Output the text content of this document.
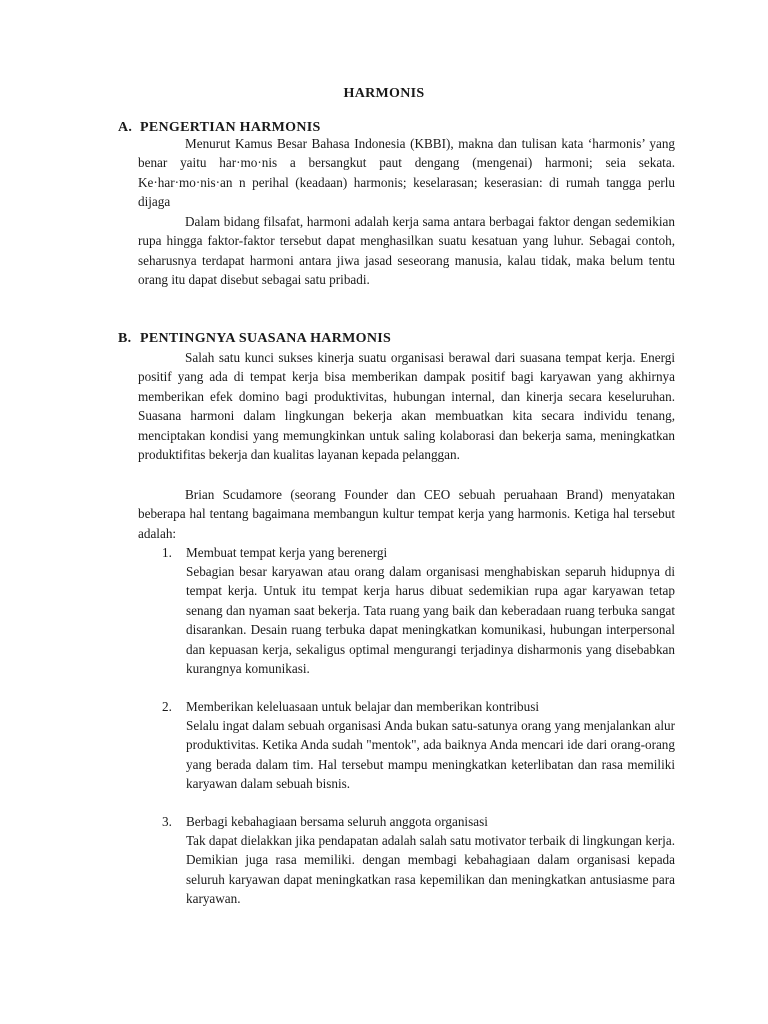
HARMONIS
A. PENGERTIAN HARMONIS

Menurut Kamus Besar Bahasa Indonesia (KBBI), makna dan tulisan kata ‘harmonis’ yang benar yaitu har·mo·nis a bersangkut paut dengang (mengenai) harmoni; seia sekata. Ke·har·mo·nis·an n perihal (keadaan) harmonis; keselarasan; keserasian: di rumah tangga perlu dijaga

Dalam bidang filsafat, harmoni adalah kerja sama antara berbagai faktor dengan sedemikian rupa hingga faktor-faktor tersebut dapat menghasilkan suatu kesatuan yang luhur. Sebagai contoh, seharusnya terdapat harmoni antara jiwa jasad seseorang manusia, kalau tidak, maka belum tentu orang itu dapat disebut sebagai satu pribadi.

B. PENTINGNYA SUASANA HARMONIS

Salah satu kunci sukses kinerja suatu organisasi berawal dari suasana tempat kerja. Energi positif yang ada di tempat kerja bisa memberikan dampak positif bagi karyawan yang akhirnya memberikan efek domino bagi produktivitas, hubungan internal, dan kinerja secara keseluruhan. Suasana harmoni dalam lingkungan bekerja akan membuatkan kita secara individu tenang, menciptakan kondisi yang memungkinkan untuk saling kolaborasi dan bekerja sama, meningkatkan produktifitas bekerja dan kualitas layanan kepada pelanggan.

Brian Scudamore (seorang Founder dan CEO sebuah peruahaan Brand) menyatakan beberapa hal tentang bagaimana membangun kultur tempat kerja yang harmonis. Ketiga hal tersebut adalah:

1. Membuat tempat kerja yang berenergi

Sebagian besar karyawan atau orang dalam organisasi menghabiskan separuh hidupnya di tempat kerja. Untuk itu tempat kerja harus dibuat sedemikian rupa agar karyawan tetap senang dan nyaman saat bekerja. Tata ruang yang baik dan keberadaan ruang terbuka sangat disarankan. Desain ruang terbuka dapat meningkatkan komunikasi, hubungan interpersonal dan kepuasan kerja, sekaligus optimal mengurangi terjadinya disharmonis yang disebabkan kurangnya komunikasi.

2. Memberikan keleluasaan untuk belajar dan memberikan kontribusi

Selalu ingat dalam sebuah organisasi Anda bukan satu-satunya orang yang menjalankan alur produktivitas. Ketika Anda sudah "mentok", ada baiknya Anda mencari ide dari orang-orang yang berada dalam tim. Hal tersebut mampu meningkatkan keterlibatan dan rasa memiliki karyawan dalam sebuah bisnis.

3. Berbagi kebahagiaan bersama seluruh anggota organisasi

Tak dapat dielakkan jika pendapatan adalah salah satu motivator terbaik di lingkungan kerja. Demikian juga rasa memiliki. dengan membagi kebahagiaan dalam organisasi kepada seluruh karyawan dapat meningkatkan rasa kepemilikan dan meningkatkan antusiasme para karyawan.
